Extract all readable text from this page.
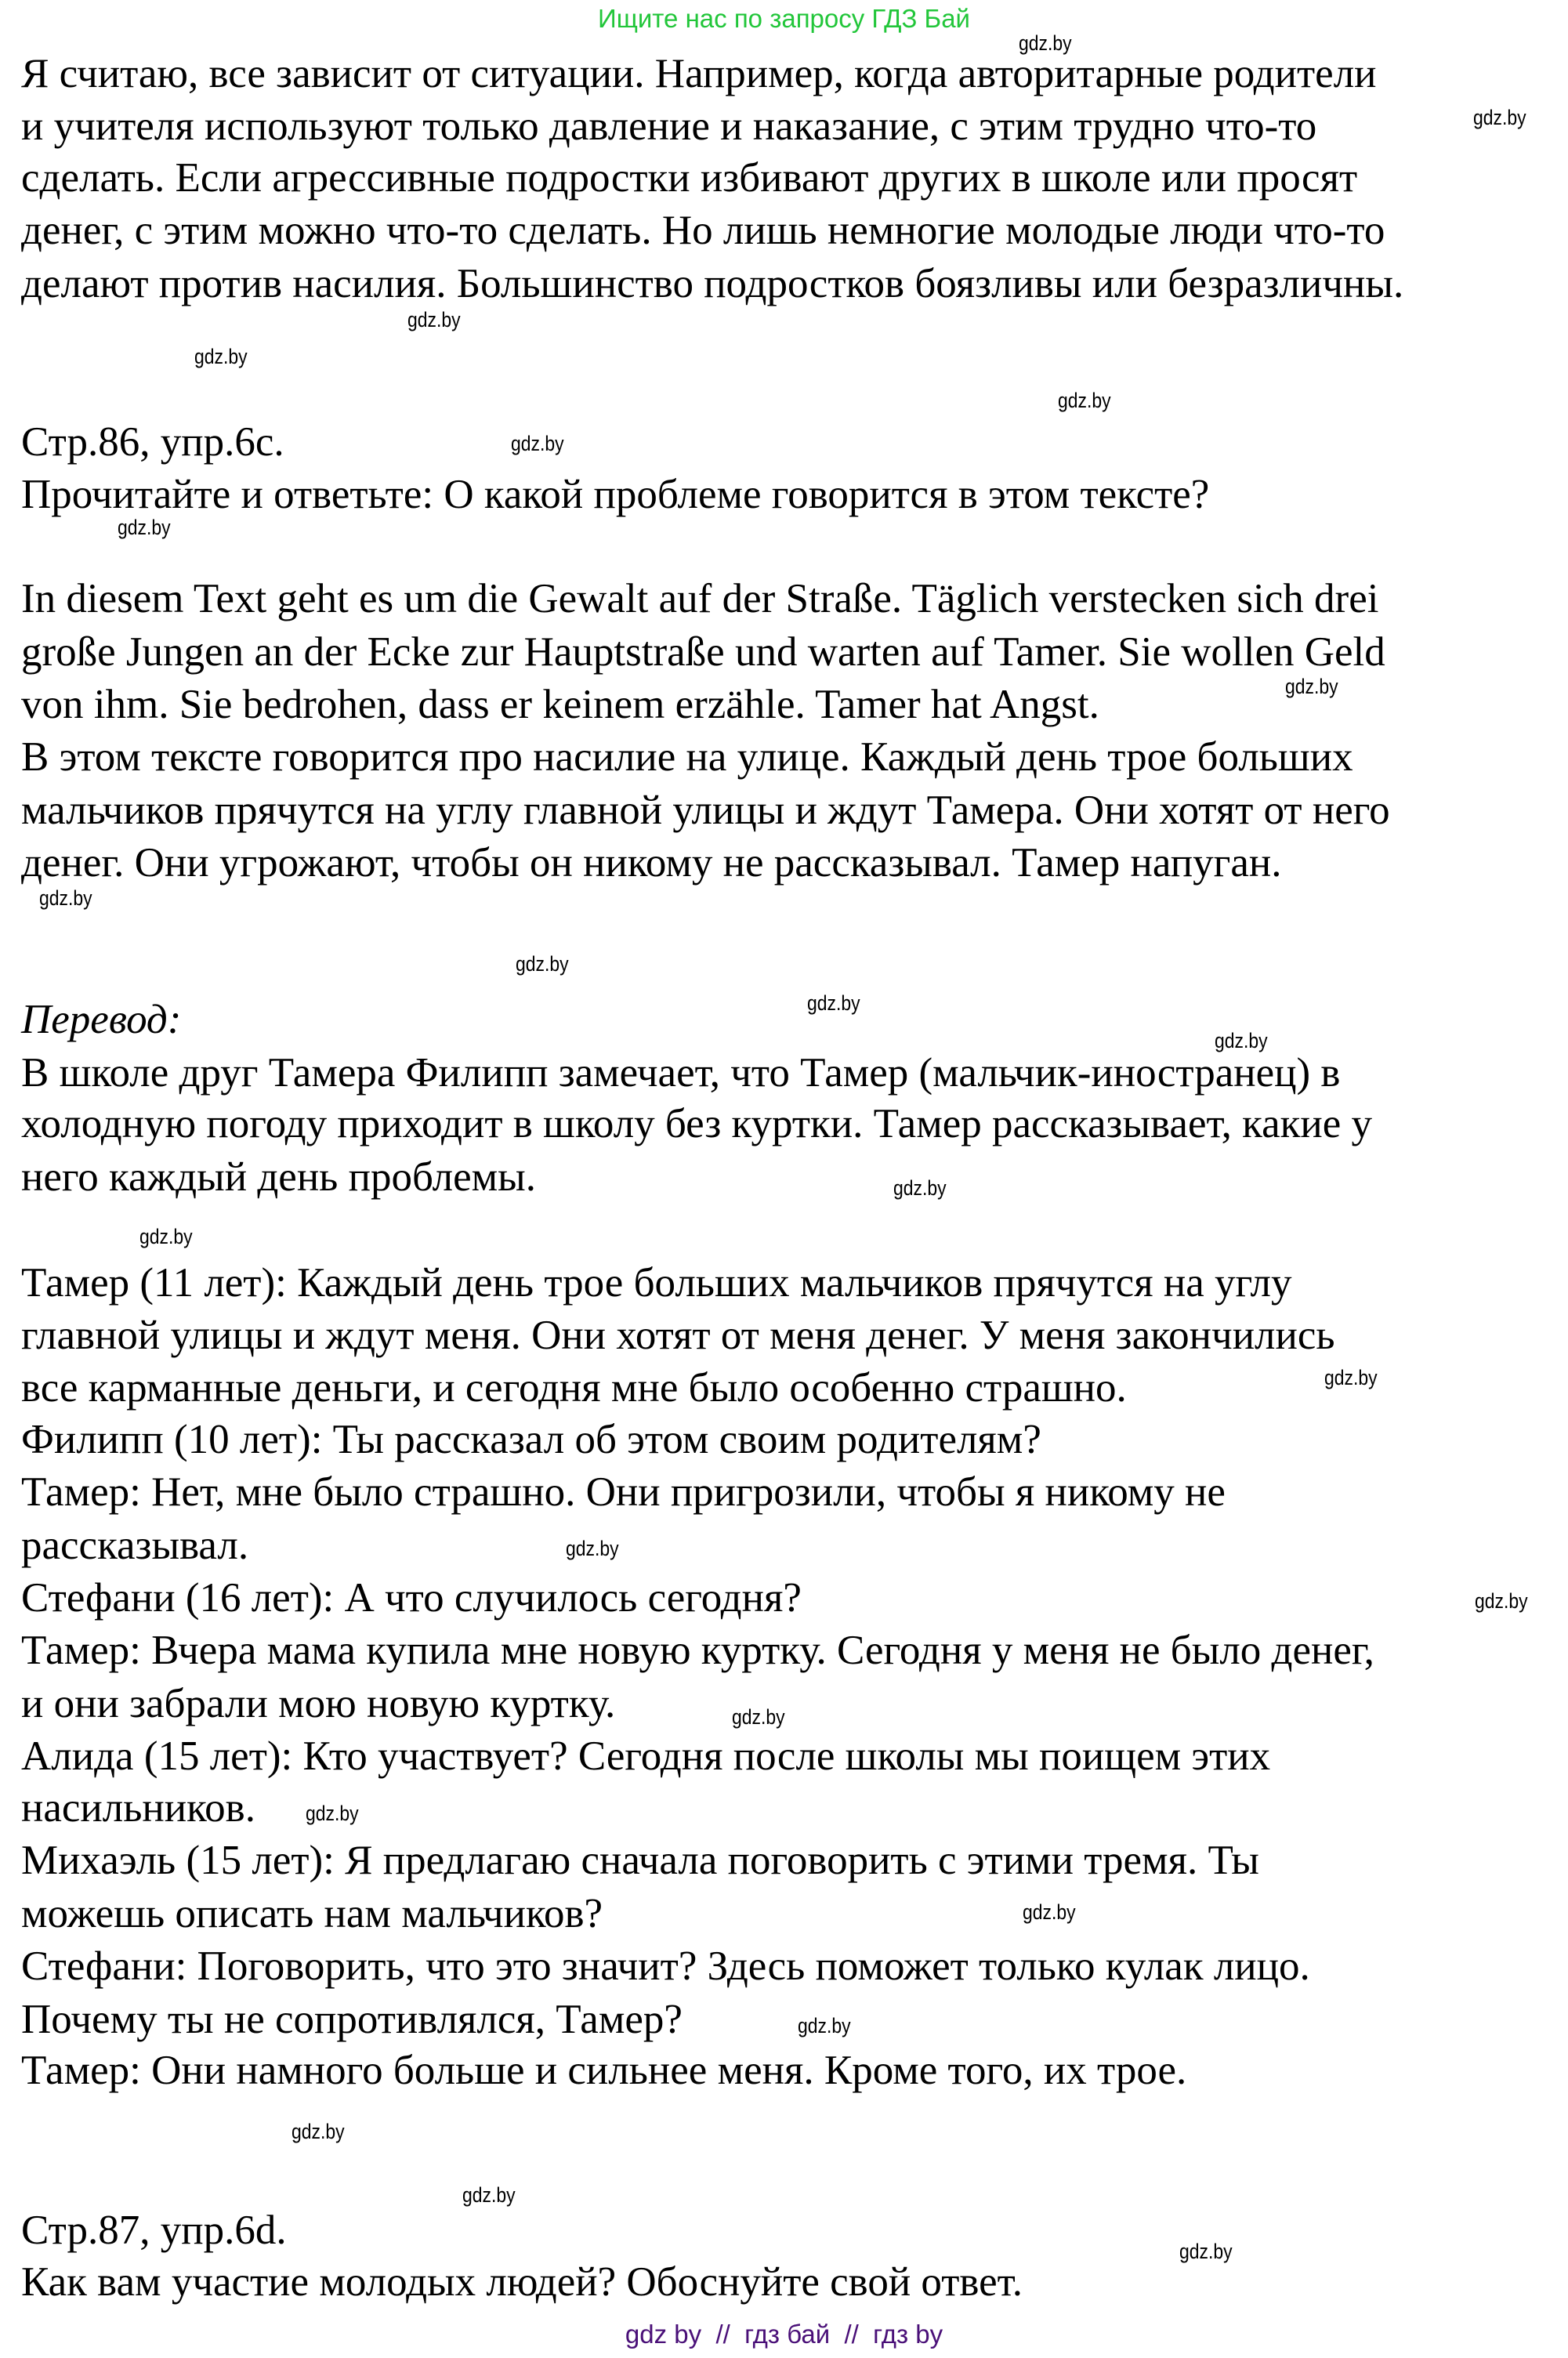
Ищите нас по запросу ГДЗ Бай
Я считаю, все зависит от ситуации. Например, когда авторитарные родители
и учителя используют только давление и наказание, с этим трудно что-то
сделать. Если агрессивные подростки избивают других в школе или просят
денег, с этим можно что-то сделать. Но лишь немногие молодые люди что-то
делают против насилия. Большинство подростков боязливы или безразличны.
Стр.86, упр.6c.
Прочитайте и ответьте: О какой проблеме говорится в этом тексте?
In diesem Text geht es um die Gewalt auf der Straße. Täglich verstecken sich drei
große Jungen an der Ecke zur Hauptstraße und warten auf Tamer. Sie wollen Geld
von ihm. Sie bedrohen, dass er keinem erzähle. Tamer hat Angst.
В этом тексте говорится про насилие на улице. Каждый день трое больших
мальчиков прячутся на углу главной улицы и ждут Тамера. Они хотят от него
денег. Они угрожают, чтобы он никому не рассказывал. Тамер напуган.
Перевод:
В школе друг Тамера Филипп замечает, что Тамер (мальчик-иностранец) в
холодную погоду приходит в школу без куртки. Тамер рассказывает, какие у
него каждый день проблемы.
Тамер (11 лет): Каждый день трое больших мальчиков прячутся на углу
главной улицы и ждут меня. Они хотят от меня денег. У меня закончились
все карманные деньги, и сегодня мне было особенно страшно.
Филипп (10 лет): Ты рассказал об этом своим родителям?
Тамер: Нет, мне было страшно. Они пригрозили, чтобы я никому не
рассказывал.
Стефани (16 лет): А что случилось сегодня?
Тамер: Вчера мама купила мне новую куртку. Сегодня у меня не было денег,
и они забрали мою новую куртку.
Алида (15 лет): Кто участвует? Сегодня после школы мы поищем этих
насильников.
Михаэль (15 лет): Я предлагаю сначала поговорить с этими тремя. Ты
можешь описать нам мальчиков?
Стефани: Поговорить, что это значит? Здесь поможет только кулак лицо.
Почему ты не сопротивлялся, Тамер?
Тамер: Они намного больше и сильнее меня. Кроме того, их трое.
Стр.87, упр.6d.
Как вам участие молодых людей? Обоснуйте свой ответ.
gdz.by
gdz.by
gdz.by
gdz.by
gdz.by
gdz.by
gdz.by
gdz.by
gdz.by
gdz.by
gdz.by
gdz.by
gdz.by
gdz.by
gdz.by
gdz.by
gdz.by
gdz.by
gdz.by
gdz.by
gdz.by
gdz.by
gdz.by
gdz.by
gdz by  //  гдз бай  //  гдз by
